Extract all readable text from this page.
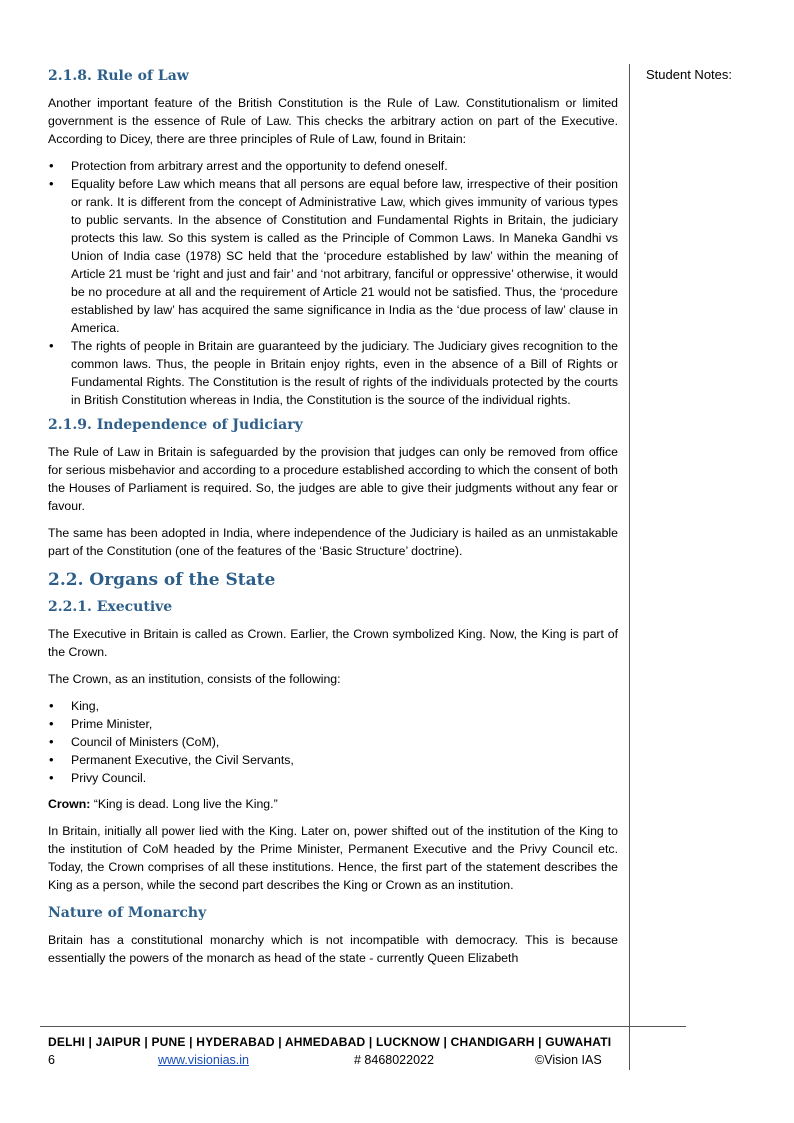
Student Notes:
2.1.8. Rule of Law

Another important feature of the British Constitution is the Rule of Law. Constitutionalism or limited government is the essence of Rule of Law. This checks the arbitrary action on part of the Executive. According to Dicey, there are three principles of Rule of Law, found in Britain:

• Protection from arbitrary arrest and the opportunity to defend oneself.
• Equality before Law which means that all persons are equal before law, irrespective of their position or rank. It is different from the concept of Administrative Law, which gives immunity of various types to public servants. In the absence of Constitution and Fundamental Rights in Britain, the judiciary protects this law. So this system is called as the Principle of Common Laws. In Maneka Gandhi vs Union of India case (1978) SC held that the ‘procedure established by law’ within the meaning of Article 21 must be ‘right and just and fair’ and ‘not arbitrary, fanciful or oppressive’ otherwise, it would be no procedure at all and the requirement of Article 21 would not be satisfied. Thus, the ‘procedure established by law’ has acquired the same significance in India as the ‘due process of law’ clause in America.
• The rights of people in Britain are guaranteed by the judiciary. The Judiciary gives recognition to the common laws. Thus, the people in Britain enjoy rights, even in the absence of a Bill of Rights or Fundamental Rights. The Constitution is the result of rights of the individuals protected by the courts in British Constitution whereas in India, the Constitution is the source of the individual rights.
2.1.9. Independence of Judiciary

The Rule of Law in Britain is safeguarded by the provision that judges can only be removed from office for serious misbehavior and according to a procedure established according to which the consent of both the Houses of Parliament is required. So, the judges are able to give their judgments without any fear or favour.

The same has been adopted in India, where independence of the Judiciary is hailed as an unmistakable part of the Constitution (one of the features of the ‘Basic Structure’ doctrine).

2.2. Organs of the State
2.2.1. Executive

The Executive in Britain is called as Crown. Earlier, the Crown symbolized King. Now, the King is part of the Crown.

The Crown, as an institution, consists of the following:

• King,
• Prime Minister,
• Council of Ministers (CoM),
• Permanent Executive, the Civil Servants,
• Privy Council.

Crown: “King is dead. Long live the King.”

In Britain, initially all power lied with the King. Later on, power shifted out of the institution of the King to the institution of CoM headed by the Prime Minister, Permanent Executive and the Privy Council etc. Today, the Crown comprises of all these institutions. Hence, the first part of the statement describes the King as a person, while the second part describes the King or Crown as an institution.

Nature of Monarchy

Britain has a constitutional monarchy which is not incompatible with democracy. This is because essentially the powers of the monarch as head of the state - currently Queen Elizabeth

DELHI | JAIPUR | PUNE | HYDERABAD | AHMEDABAD | LUCKNOW | CHANDIGARH | GUWAHATI
6	www.visionias.in	# 8468022022	©Vision IAS
